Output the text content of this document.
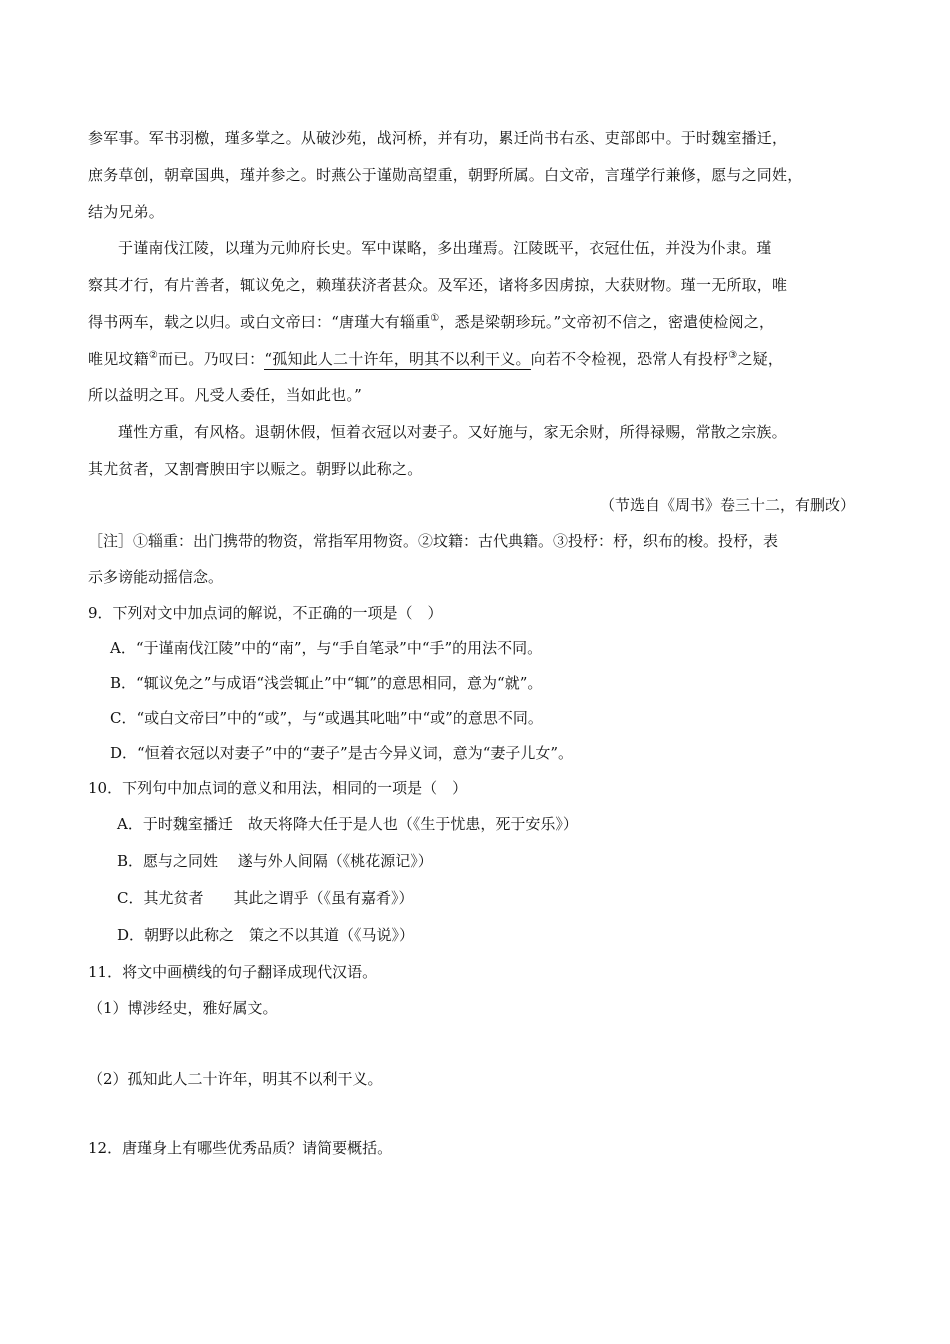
参军事。军书羽檄，瑾多掌之。从破沙苑，战河桥，并有功，累迁尚书右丞、吏部郎中。于时魏室播迁，
庶务草创，朝章国典，瑾并参之。时燕公于谨勋高望重，朝野所属。白文帝，言瑾学行兼修，愿与之同姓，
结为兄弟。
于谨南伐江陵，以瑾为元帅府长史。军中谋略，多出瑾焉。江陵既平，衣冠仕伍，并没为仆隶。瑾
察其才行，有片善者，辄议免之，赖瑾获济者甚众。及军还，诸将多因虏掠，大获财物。瑾一无所取，唯
得书两车，载之以归。或白文帝曰：“唐瑾大有辎重①，悉是梁朝珍玩。”文帝初不信之，密遣使检阅之，
唯见坟籍②而已。乃叹曰：“孤知此人二十许年，明其不以利干义。向若不令检视，恐常人有投杼③之疑，
所以益明之耳。凡受人委任，当如此也。”
瑾性方重，有风格。退朝休假，恒着衣冠以对妻子。又好施与，家无余财，所得禄赐，常散之宗族。
其尤贫者，又割膏腴田宇以赈之。朝野以此称之。
（节选自《周书》卷三十二，有删改）
［注］①辎重：出门携带的物资，常指军用物资。②坟籍：古代典籍。③投杼：杼，织布的梭。投杼，表
示多谤能动摇信念。
9．下列对文中加点词的解说，不正确的一项是（　）
A．“于谨南伐江陵”中的“南”，与“手自笔录”中“手”的用法不同。
B．“辄议免之”与成语“浅尝辄止”中“辄”的意思相同，意为“就”。
C．“或白文帝曰”中的“或”，与“或遇其叱咄”中“或”的意思不同。
D．“恒着衣冠以对妻子”中的“妻子”是古今异义词，意为“妻子儿女”。
10．下列句中加点词的意义和用法，相同的一项是（　）
A．于时魏室播迁　故天将降大任于是人也（《生于忧患，死于安乐》）
B．愿与之同姓　 遂与外人间隔（《桃花源记》）
C．其尤贫者　　其此之谓乎（《虽有嘉肴》）
D．朝野以此称之　策之不以其道（《马说》）
11．将文中画横线的句子翻译成现代汉语。
（1）博涉经史，雅好属文。
（2）孤知此人二十许年，明其不以利干义。
12．唐瑾身上有哪些优秀品质？请简要概括。
